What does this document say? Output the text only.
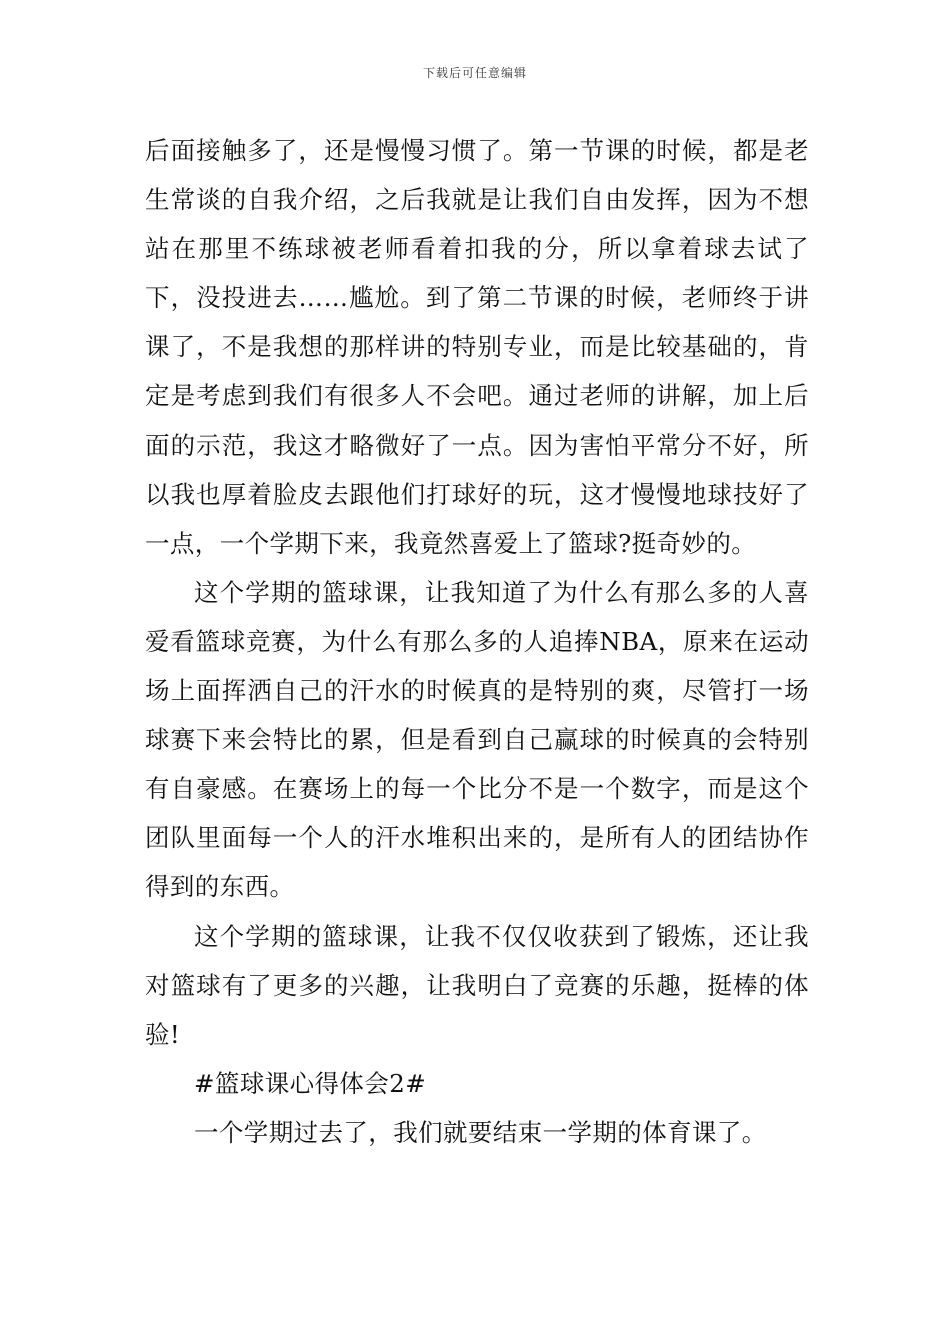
下载后可任意编辑

后面接触多了，还是慢慢习惯了。第一节课的时候，都是老生常谈的自我介绍，之后我就是让我们自由发挥，因为不想站在那里不练球被老师看着扣我的分，所以拿着球去试了下，没投进去……尴尬。到了第二节课的时候，老师终于讲课了，不是我想的那样讲的特别专业，而是比较基础的，肯定是考虑到我们有很多人不会吧。通过老师的讲解，加上后面的示范，我这才略微好了一点。因为害怕平常分不好，所以我也厚着脸皮去跟他们打球好的玩，这才慢慢地球技好了一点，一个学期下来，我竟然喜爱上了篮球?挺奇妙的。

这个学期的篮球课，让我知道了为什么有那么多的人喜爱看篮球竞赛，为什么有那么多的人追捧NBA，原来在运动场上面挥洒自己的汗水的时候真的是特别的爽，尽管打一场球赛下来会特比的累，但是看到自己赢球的时候真的会特别有自豪感。在赛场上的每一个比分不是一个数字，而是这个团队里面每一个人的汗水堆积出来的，是所有人的团结协作得到的东西。

这个学期的篮球课，让我不仅仅收获到了锻炼，还让我对篮球有了更多的兴趣，让我明白了竞赛的乐趣，挺棒的体验!

#篮球课心得体会2#

一个学期过去了，我们就要结束一学期的体育课了。
